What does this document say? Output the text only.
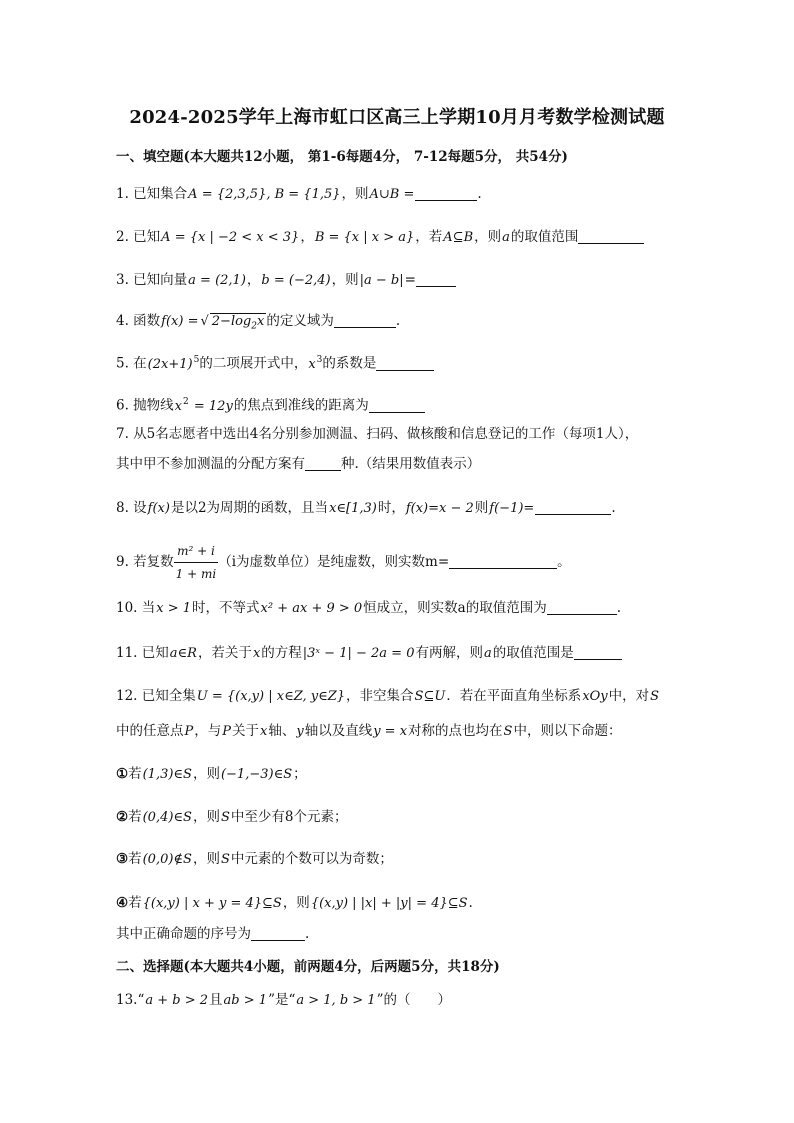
2024-2025学年上海市虹口区高三上学期10月月考数学检测试题
一、填空题(本大题共12小题， 第1-6每题4分， 7-12每题5分， 共54分)
1. 已知集合A = {2,3,5}, B = {1,5}，则A∪B =	.
2. 已知A = {x | −2 < x < 3}，B = {x | x > a}，若A⊆B，则a的取值范围
3. 已知向量a = (2,1)，b = (−2,4)，则|a − b|=
4. 函数f(x) = √ $2-\log_2x$ 的定义域为	.
5. 在$(2x+1)^5$的二项展开式中，$x^3$的系数是
6. 抛物线$x^2 = 12y$的焦点到准线的距离为
7. 从5名志愿者中选出4名分别参加测温、扫码、做核酸和信息登记的工作（每项1人），
其中甲不参加测温的分配方案有	种.（结果用数值表示）
8. 设f(x)是以2为周期的函数，且当x∈[1,3)时，f(x)=x − 2则f(−1)=	.
9. 若复数 $\frac{\text{m² + i}}{1 + mi} (i$为虚数单位）是纯虚数，则实数m=	。
10. 当x > 1时，不等式x² + ax + 9 > 0恒成立，则实数a的取值范围为	.
11. 已知a∈R，若关于x的方程|3ˣ − 1| − 2a = 0有两解，则a的取值范围是
12. 已知全集U = {(x,y) | x∈Z, y∈Z}，非空集合S⊆U．若在平面直角坐标系xOy中，对S
中的任意点P，与P关于x轴、y轴以及直线y = x对称的点也均在S中，则以下命题：
①若(1,3)∈S，则(−1,−3)∈S；
②若(0,4)∈S，则S中至少有8个元素；
③若(0,0)∉S，则S中元素的个数可以为奇数；
④若{(x,y) | x + y = 4}⊆S，则{(x,y) | |x| + |y| = 4}⊆S.
其中正确命题的序号为	.
二、选择题(本大题共4小题，前两题4分，后两题5分，共18分)
13.“a + b > 2且ab > 1”是“a > 1, b > 1”的（　　）
